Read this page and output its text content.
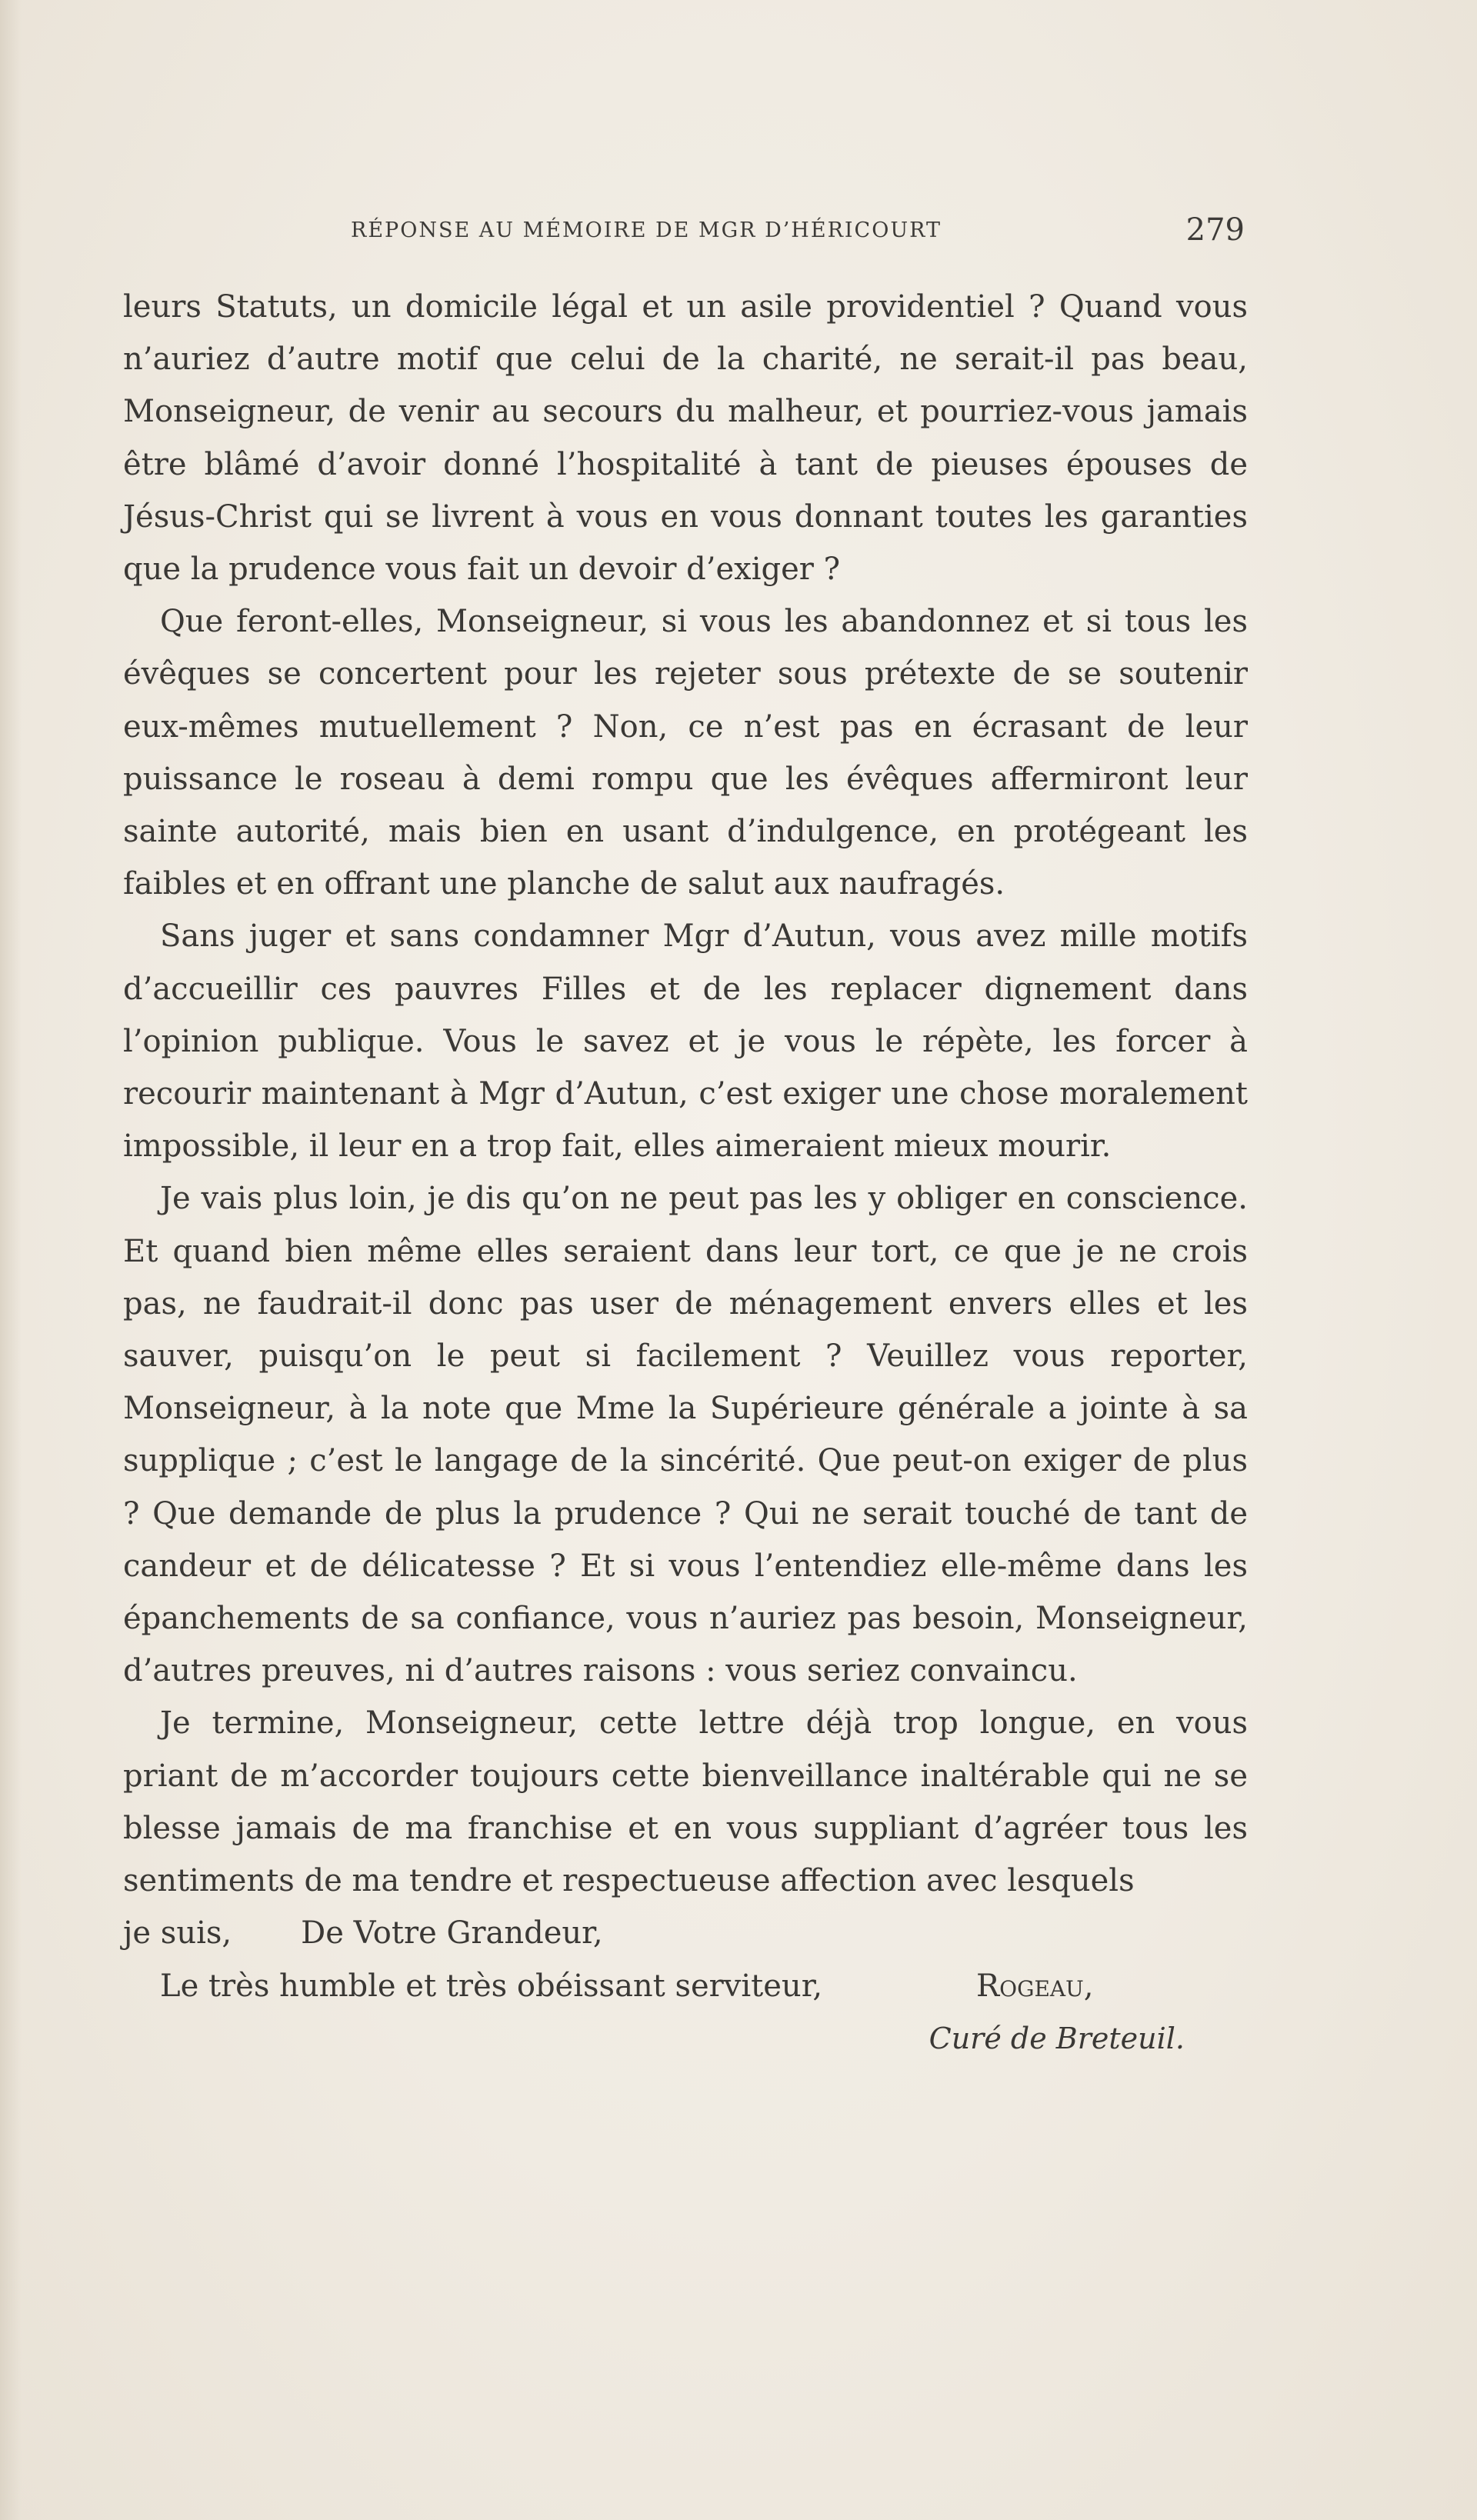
RÉPONSE AU MÉMOIRE DE MGR D’HÉRICOURT	279

leurs Statuts, un domicile légal et un asile providentiel ? Quand vous n’auriez d’autre motif que celui de la charité, ne serait-il pas beau, Monseigneur, de venir au secours du malheur, et pourriez-vous jamais être blâmé d’avoir donné l’hospitalité à tant de pieuses épouses de Jésus-Christ qui se livrent à vous en vous donnant toutes les garanties que la prudence vous fait un devoir d’exiger ?

Que feront-elles, Monseigneur, si vous les abandonnez et si tous les évêques se concertent pour les rejeter sous prétexte de se soutenir eux-mêmes mutuellement ? Non, ce n’est pas en écrasant de leur puissance le roseau à demi rompu que les évêques affermiront leur sainte autorité, mais bien en usant d’indulgence, en protégeant les faibles et en offrant une planche de salut aux naufragés.

Sans juger et sans condamner Mgr d’Autun, vous avez mille motifs d’accueillir ces pauvres Filles et de les replacer dignement dans l’opinion publique. Vous le savez et je vous le répète, les forcer à recourir maintenant à Mgr d’Autun, c’est exiger une chose moralement impossible, il leur en a trop fait, elles aimeraient mieux mourir.

Je vais plus loin, je dis qu’on ne peut pas les y obliger en conscience. Et quand bien même elles seraient dans leur tort, ce que je ne crois pas, ne faudrait-il donc pas user de ménagement envers elles et les sauver, puisqu’on le peut si facilement ? Veuillez vous reporter, Monseigneur, à la note que Mme la Supérieure générale a jointe à sa supplique ; c’est le langage de la sincérité. Que peut-on exiger de plus ? Que demande de plus la prudence ? Qui ne serait touché de tant de candeur et de délicatesse ? Et si vous l’entendiez elle-même dans les épanchements de sa confiance, vous n’auriez pas besoin, Monseigneur, d’autres preuves, ni d’autres raisons : vous seriez convaincu.

Je termine, Monseigneur, cette lettre déjà trop longue, en vous priant de m’accorder toujours cette bienveillance inaltérable qui ne se blesse jamais de ma franchise et en vous suppliant d’agréer tous les sentiments de ma tendre et respectueuse affection avec lesquels

je suis, De Votre Grandeur,

Le très humble et très obéissant serviteur,	Rogeau,

Curé de Breteuil.
